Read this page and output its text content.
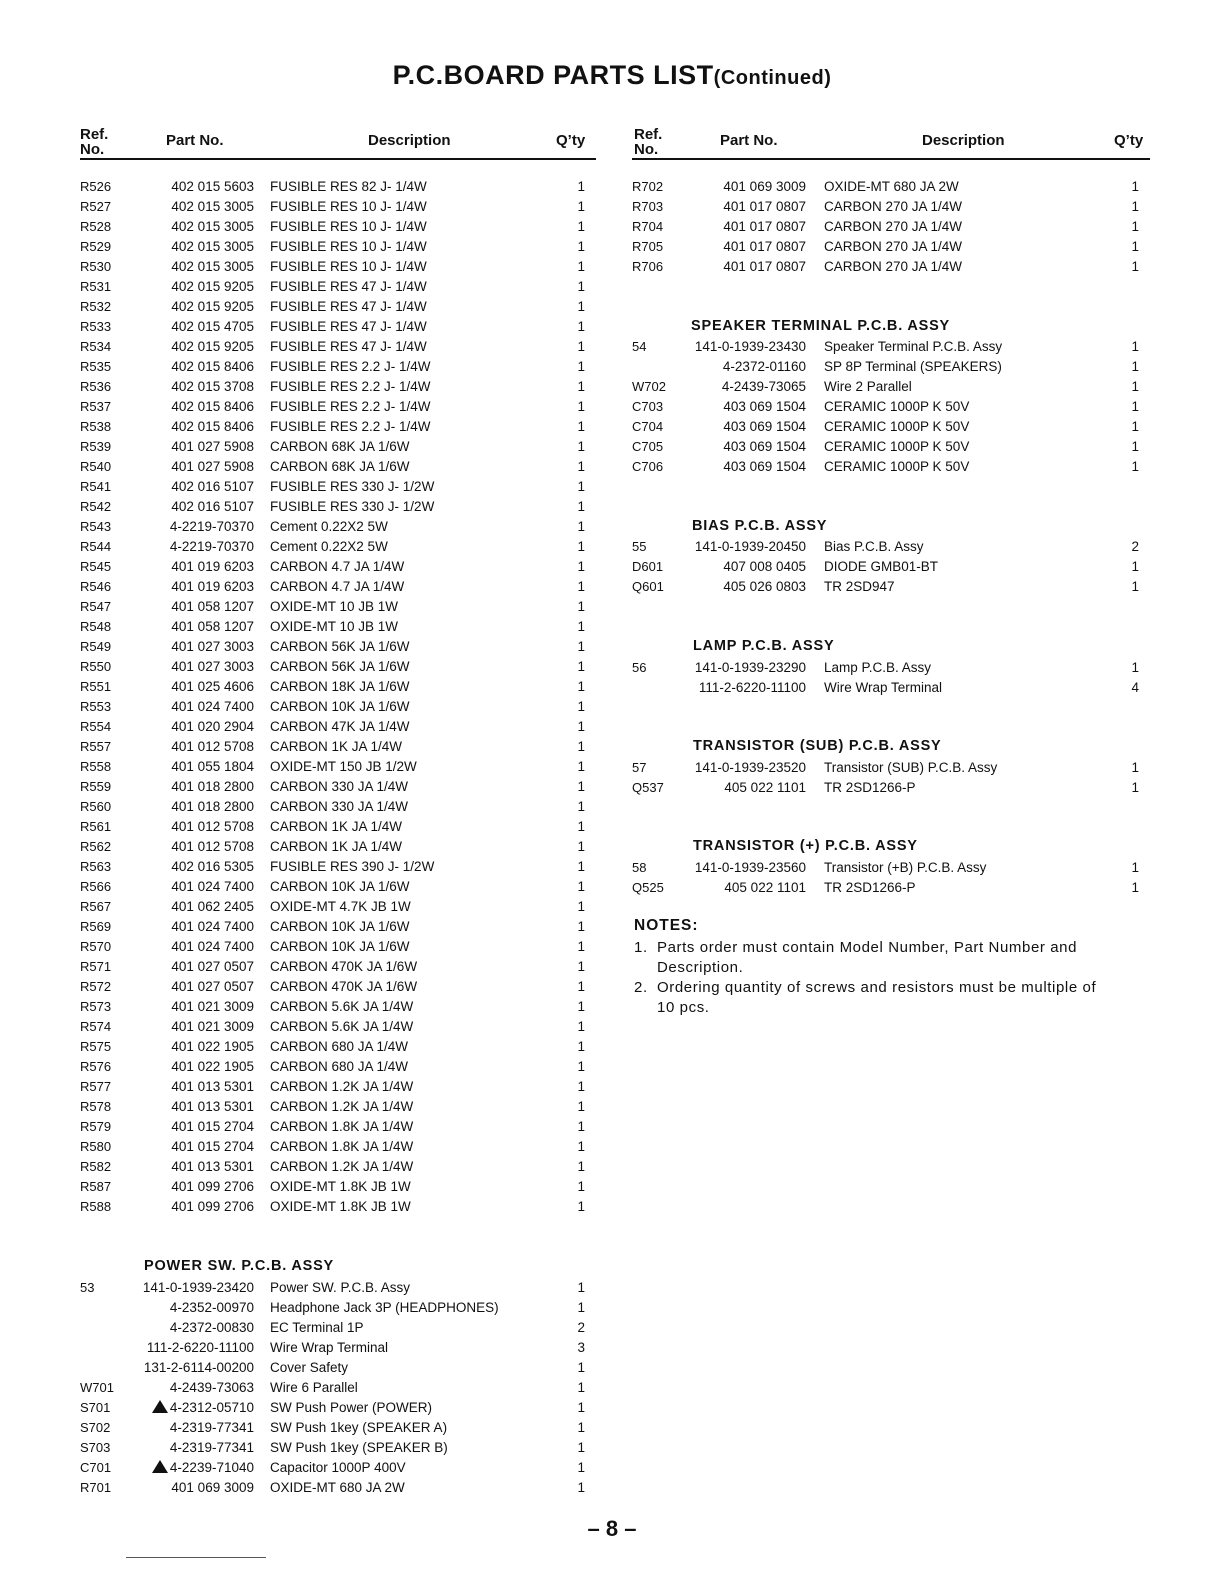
P.C.BOARD PARTS LIST(Continued)
Ref.
No.
Part No.	Description	Q’ty	Ref.
No.
Part No.	Description	Q’ty
R526	402 015 5603 FUSIBLE RES 82 J- 1/4W	1
R527	402 015 3005 FUSIBLE RES 10 J- 1/4W	1
R528	402 015 3005 FUSIBLE RES 10 J- 1/4W	1
R529	402 015 3005 FUSIBLE RES 10 J- 1/4W	1
R530	402 015 3005 FUSIBLE RES 10 J- 1/4W	1
R531	402 015 9205 FUSIBLE RES 47 J- 1/4W	1
R532	402 015 9205 FUSIBLE RES 47 J- 1/4W	1
R533	402 015 4705 FUSIBLE RES 47 J- 1/4W	1
R534	402 015 9205 FUSIBLE RES 47 J- 1/4W	1
R535	402 015 8406 FUSIBLE RES 2.2 J- 1/4W	1
R536	402 015 3708 FUSIBLE RES 2.2 J- 1/4W	1
R537	402 015 8406 FUSIBLE RES 2.2 J- 1/4W	1
R538	402 015 8406 FUSIBLE RES 2.2 J- 1/4W	1
R539	401 027 5908 CARBON 68K JA 1/6W	1
R540	401 027 5908 CARBON 68K JA 1/6W	1
R541	402 016 5107 FUSIBLE RES 330 J- 1/2W	1
R542	402 016 5107 FUSIBLE RES 330 J- 1/2W	1
R543	4-2219-70370 Cement 0.22X2 5W	1
R544	4-2219-70370 Cement 0.22X2 5W	1
R545	401 019 6203 CARBON 4.7 JA 1/4W	1
R546	401 019 6203 CARBON 4.7 JA 1/4W	1
R547	401 058 1207 OXIDE-MT 10 JB 1W	1
R548	401 058 1207 OXIDE-MT 10 JB 1W	1
R549	401 027 3003 CARBON 56K JA 1/6W	1
R550	401 027 3003 CARBON 56K JA 1/6W	1
R551	401 025 4606 CARBON 18K JA 1/6W	1
R553	401 024 7400 CARBON 10K JA 1/6W	1
R554	401 020 2904 CARBON 47K JA 1/4W	1
R557	401 012 5708 CARBON 1K JA 1/4W	1
R558	401 055 1804 OXIDE-MT 150 JB 1/2W	1
R559	401 018 2800 CARBON 330 JA 1/4W	1
R560	401 018 2800 CARBON 330 JA 1/4W	1
R561	401 012 5708 CARBON 1K JA 1/4W	1
R562	401 012 5708 CARBON 1K JA 1/4W	1
R563	402 016 5305 FUSIBLE RES 390 J- 1/2W	1
R566	401 024 7400 CARBON 10K JA 1/6W	1
R567	401 062 2405 OXIDE-MT 4.7K JB 1W	1
R569	401 024 7400 CARBON 10K JA 1/6W	1
R570	401 024 7400 CARBON 10K JA 1/6W	1
R571	401 027 0507 CARBON 470K JA 1/6W	1
R572	401 027 0507 CARBON 470K JA 1/6W	1
R573	401 021 3009 CARBON 5.6K JA 1/4W	1
R574	401 021 3009 CARBON 5.6K JA 1/4W	1
R575	401 022 1905 CARBON 680 JA 1/4W	1
R576	401 022 1905 CARBON 680 JA 1/4W	1
R577	401 013 5301 CARBON 1.2K JA 1/4W	1
R578	401 013 5301 CARBON 1.2K JA 1/4W	1
R579	401 015 2704 CARBON 1.8K JA 1/4W	1
R580	401 015 2704 CARBON 1.8K JA 1/4W	1
R582	401 013 5301 CARBON 1.2K JA 1/4W	1
R587	401 099 2706 OXIDE-MT 1.8K JB 1W	1
R588	401 099 2706 OXIDE-MT 1.8K JB 1W	1
POWER SW. P.C.B. ASSY
53	141-0-1939-23420 Power SW. P.C.B. Assy	1
4-2352-00970 Headphone Jack 3P (HEADPHONES)	1
4-2372-00830 EC Terminal 1P	2
111-2-6220-11100 Wire Wrap Terminal	3
131-2-6114-00200 Cover Safety	1
W701	4-2439-73063 Wire 6 Parallel	1
S701	4-2312-05710 SW Push Power (POWER)	1
S702	4-2319-77341 SW Push 1key (SPEAKER A)	1
S703	4-2319-77341 SW Push 1key (SPEAKER B)	1
C701	4-2239-71040 Capacitor 1000P 400V	1
R701	401 069 3009 OXIDE-MT 680 JA 2W	1
R702	401 069 3009 OXIDE-MT 680 JA 2W	1
R703	401 017 0807 CARBON 270 JA 1/4W	1
R704	401 017 0807 CARBON 270 JA 1/4W	1
R705	401 017 0807 CARBON 270 JA 1/4W	1
R706	401 017 0807 CARBON 270 JA 1/4W	1
SPEAKER TERMINAL P.C.B. ASSY
54	141-0-1939-23430 Speaker Terminal P.C.B. Assy	1
4-2372-01160 SP 8P Terminal (SPEAKERS)	1
W702	4-2439-73065 Wire 2 Parallel	1
C703	403 069 1504 CERAMIC 1000P K 50V	1
C704	403 069 1504 CERAMIC 1000P K 50V	1
C705	403 069 1504 CERAMIC 1000P K 50V	1
C706	403 069 1504 CERAMIC 1000P K 50V	1
BIAS P.C.B. ASSY
55	141-0-1939-20450 Bias P.C.B. Assy	2
D601	407 008 0405 DIODE GMB01-BT	1
Q601	405 026 0803 TR 2SD947	1
LAMP P.C.B. ASSY
56	141-0-1939-23290 Lamp P.C.B. Assy	1
111-2-6220-11100 Wire Wrap Terminal	4
TRANSISTOR (SUB) P.C.B. ASSY
57	141-0-1939-23520 Transistor (SUB) P.C.B. Assy	1
Q537	405 022 1101 TR 2SD1266-P	1
TRANSISTOR (+) P.C.B. ASSY
58	141-0-1939-23560 Transistor (+B) P.C.B. Assy	1
Q525	405 022 1101 TR 2SD1266-P	1
NOTES:
1. Parts order must contain Model Number, Part Number and
Description.
2. Ordering quantity of screws and resistors must be multiple of
10 pcs.
– 8 –
